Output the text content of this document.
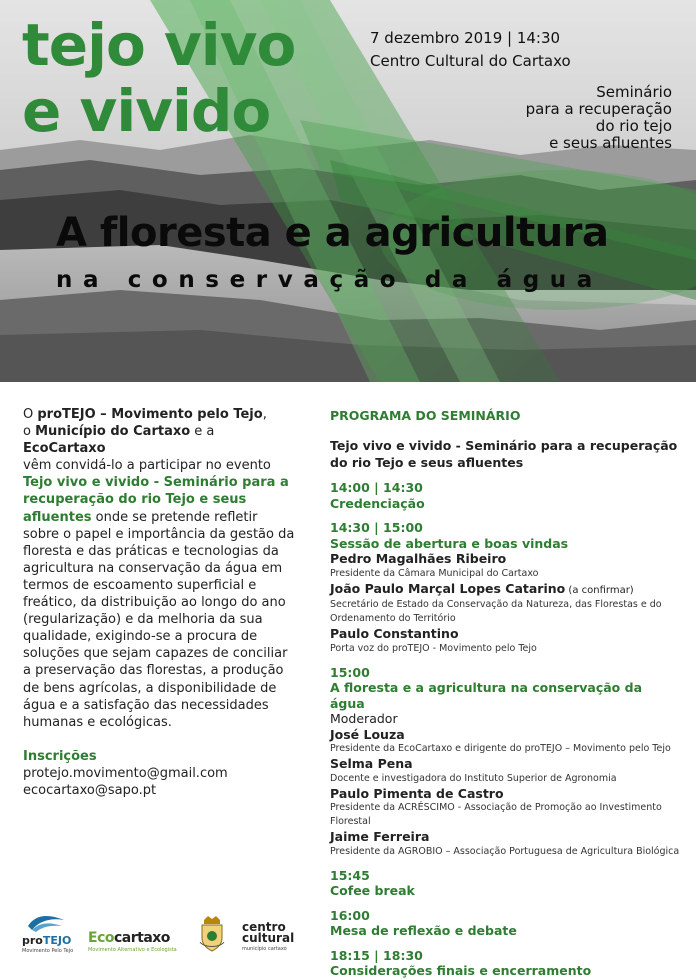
tejo vivo
e vivido
7 dezembro 2019 | 14:30
Centro Cultural do Cartaxo
Seminário
para a recuperação
do rio tejo
e seus afluentes
A floresta e a agricultura
na conservação da água

O proTEJO – Movimento pelo Tejo,
o Município do Cartaxo e a EcoCartaxo
vêm convidá-lo a participar no evento
Tejo vivo e vivido - Seminário para a recuperação do rio Tejo e seus afluentes onde se pretende refletir sobre o papel e importância da gestão da floresta e das práticas e tecnologias da agricultura na conservação da água em termos de escoamento superficial e freático, da distribuição ao longo do ano (regularização) e da melhoria da sua qualidade, exigindo-se a procura de soluções que sejam capazes de conciliar a preservação das florestas, a produção de bens agrícolas, a disponibilidade de água e a satisfação das necessidades humanas e ecológicas.

Inscrições
protejo.movimento@gmail.com
ecocartaxo@sapo.pt
PROGRAMA DO SEMINÁRIO
Tejo vivo e vivido - Seminário para a recuperação do rio Tejo e seus afluentes
14:00 | 14:30
Credenciação
14:30 | 15:00
Sessão de abertura e boas vindas
Pedro Magalhães Ribeiro
Presidente da Câmara Municipal do Cartaxo
João Paulo Marçal Lopes Catarino (a confirmar)
Secretário de Estado da Conservação da Natureza, das Florestas e do Ordenamento do Território
Paulo Constantino
Porta voz do proTEJO - Movimento pelo Tejo
15:00
A floresta e a agricultura na conservação da água
Moderador
José Louza
Presidente da EcoCartaxo e dirigente do proTEJO – Movimento pelo Tejo
Selma Pena
Docente e investigadora do Instituto Superior de Agronomia
Paulo Pimenta de Castro
Presidente da ACRÉSCIMO - Associação de Promoção ao Investimento Florestal
Jaime Ferreira
Presidente da AGROBIO – Associação Portuguesa de Agricultura Biológica
15:45
Cofee break
16:00
Mesa de reflexão e debate
18:15 | 18:30
Considerações finais e encerramento
proTEJO
Movimento Pelo Tejo
Ecocartaxo
Movimento Alternativo e Ecologista
centro
cultural
município cartaxo
